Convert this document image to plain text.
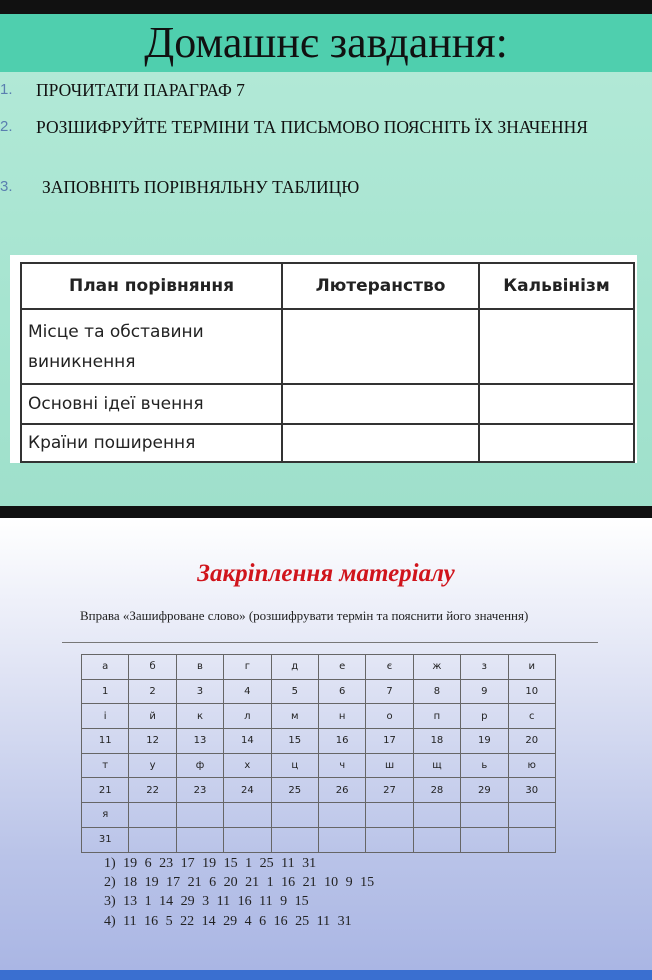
Домашнє завдання:
1. ПРОЧИТАТИ ПАРАГРАФ 7
2. РОЗШИФРУЙТЕ ТЕРМІНИ ТА ПИСЬМОВО ПОЯСНІТЬ ЇХ ЗНАЧЕННЯ
3. ЗАПОВНІТЬ ПОРІВНЯЛЬНУ ТАБЛИЦЮ
План порівняння	Лютеранство	Кальвінізм
Місце та обставини виникнення		
Основні ідеї вчення		
Країни поширення		
Закріплення матеріалу
Вправа «Зашифроване слово» (розшифрувати термін та пояснити його значення)
а	б	в	г	д	е	є	ж	з	и
1	2	3	4	5	6	7	8	9	10
і	й	к	л	м	н	о	п	р	с
11	12	13	14	15	16	17	18	19	20
т	у	ф	х	ц	ч	ш	щ	ь	ю
21	22	23	24	25	26	27	28	29	30
я									
31									
1) 19 6 23 17 19 15 1 25 11 31
2) 18 19 17 21 6 20 21 1 16 21 10 9 15
3) 13 1 14 29 3 11 16 11 9 15
4) 11 16 5 22 14 29 4 6 16 25 11 31
